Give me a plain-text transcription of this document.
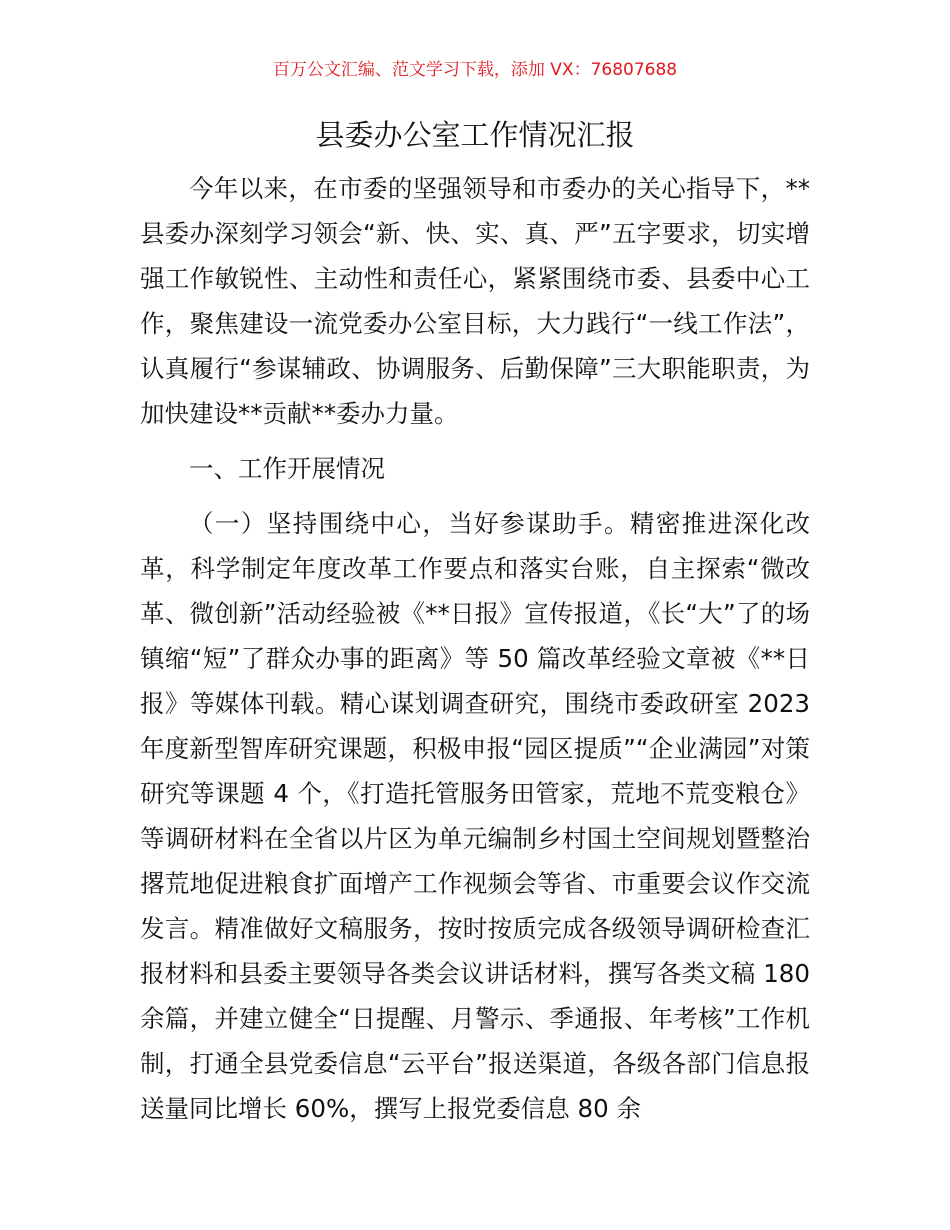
百万公文汇编、范文学习下载，添加 VX：76807688
县委办公室工作情况汇报

今年以来，在市委的坚强领导和市委办的关心指导下，**县委办深刻学习领会“新、快、实、真、严”五字要求，切实增强工作敏锐性、主动性和责任心，紧紧围绕市委、县委中心工作，聚焦建设一流党委办公室目标，大力践行“一线工作法”，认真履行“参谋辅政、协调服务、后勤保障”三大职能职责，为加快建设**贡献**委办力量。

一、工作开展情况

（一）坚持围绕中心，当好参谋助手。精密推进深化改革，科学制定年度改革工作要点和落实台账，自主探索“微改革、微创新”活动经验被《**日报》宣传报道，《长“大”了的场镇缩“短”了群众办事的距离》等 50 篇改革经验文章被《**日报》等媒体刊载。精心谋划调查研究，围绕市委政研室 2023 年度新型智库研究课题，积极申报“园区提质”“企业满园”对策研究等课题 4 个，《打造托管服务田管家，荒地不荒变粮仓》等调研材料在全省以片区为单元编制乡村国土空间规划暨整治撂荒地促进粮食扩面增产工作视频会等省、市重要会议作交流发言。精准做好文稿服务，按时按质完成各级领导调研检查汇报材料和县委主要领导各类会议讲话材料，撰写各类文稿 180 余篇，并建立健全“日提醒、月警示、季通报、年考核”工作机制，打通全县党委信息“云平台”报送渠道，各级各部门信息报送量同比增长 60%，撰写上报党委信息 80 余
